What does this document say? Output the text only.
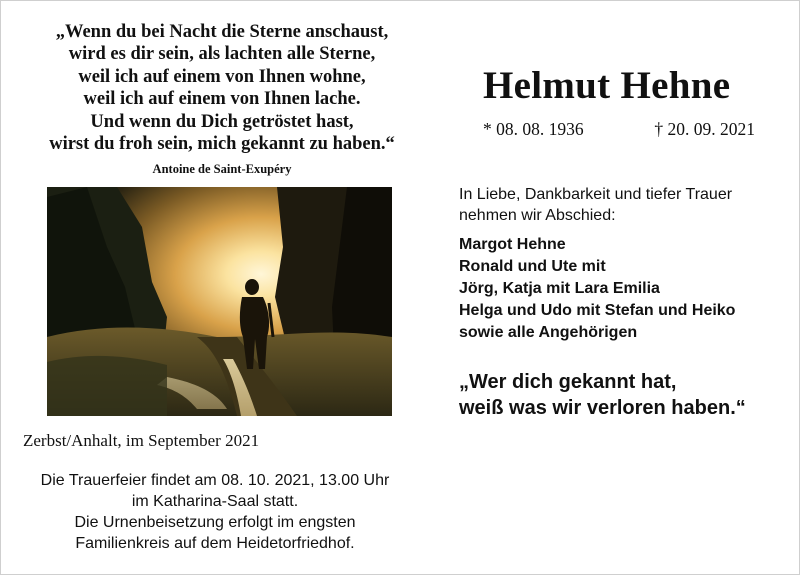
„Wenn du bei Nacht die Sterne anschaust,
wird es dir sein, als lachten alle Sterne,
weil ich auf einem von Ihnen wohne,
weil ich auf einem von Ihnen lache.
Und wenn du Dich getröstet hast,
wirst du froh sein, mich gekannt zu haben.“
Antoine de Saint-Exupéry
Zerbst/Anhalt, im September 2021
Die Trauerfeier findet am 08. 10. 2021, 13.00 Uhr
im Katharina-Saal statt.
Die Urnenbeisetzung erfolgt im engsten
Familienkreis auf dem Heidetorfriedhof.
Helmut Hehne
* 08. 08. 1936	† 20. 09. 2021
In Liebe, Dankbarkeit und tiefer Trauer
nehmen wir Abschied:
Margot Hehne
Ronald und Ute mit
Jörg, Katja mit Lara Emilia
Helga und Udo mit Stefan und Heiko
sowie alle Angehörigen
„Wer dich gekannt hat,
weiß was wir verloren haben.“
